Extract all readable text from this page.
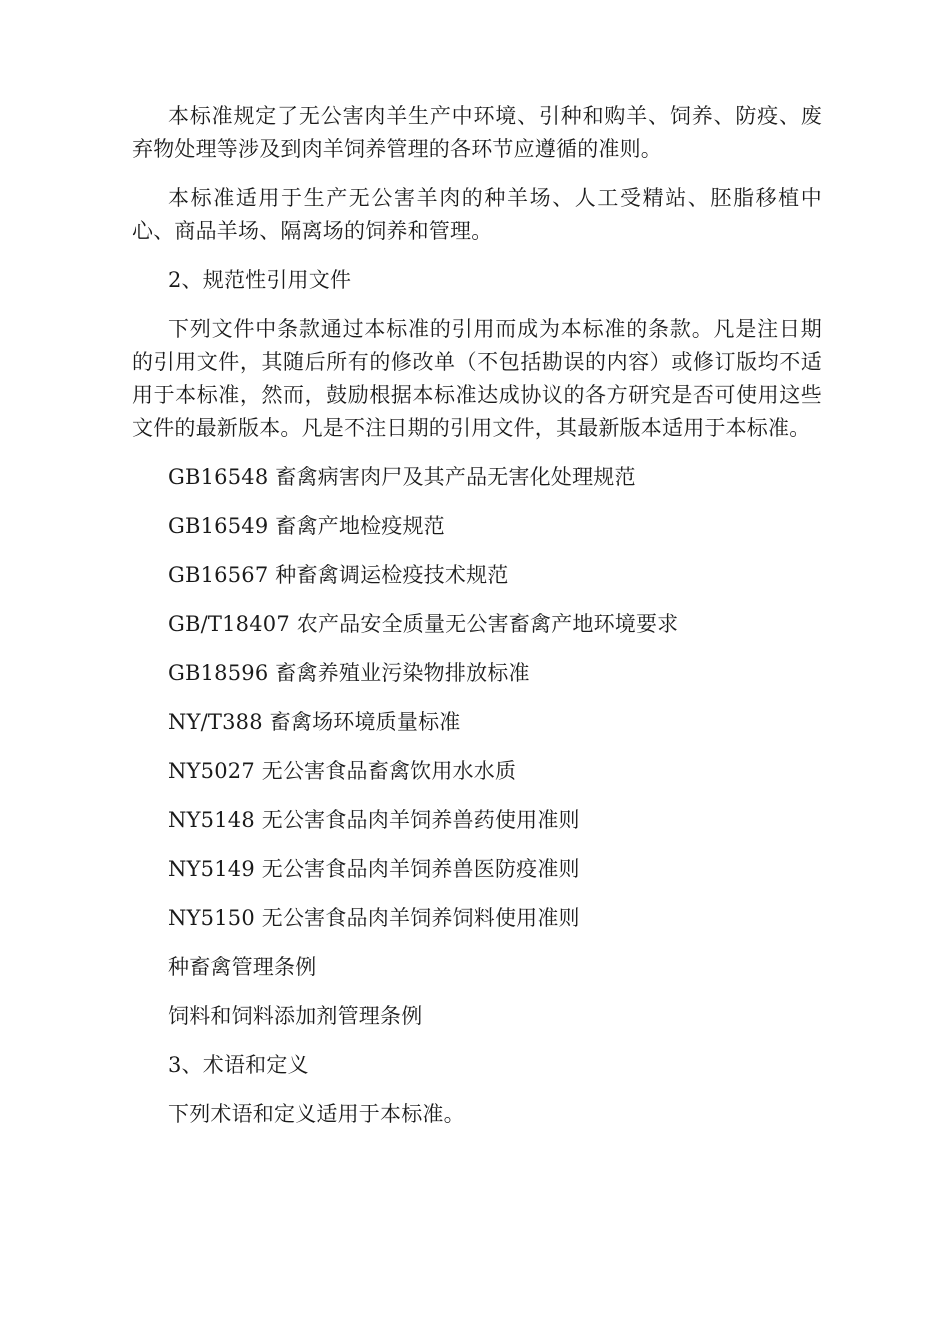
本标准规定了无公害肉羊生产中环境、引种和购羊、饲养、防疫、废弃物处理等涉及到肉羊饲养管理的各环节应遵循的准则。

本标准适用于生产无公害羊肉的种羊场、人工受精站、胚脂移植中心、商品羊场、隔离场的饲养和管理。

2、规范性引用文件

下列文件中条款通过本标准的引用而成为本标准的条款。凡是注日期的引用文件，其随后所有的修改单（不包括勘误的内容）或修订版均不适用于本标准，然而，鼓励根据本标准达成协议的各方研究是否可使用这些文件的最新版本。凡是不注日期的引用文件，其最新版本适用于本标准。

GB16548 畜禽病害肉尸及其产品无害化处理规范

GB16549 畜禽产地检疫规范

GB16567 种畜禽调运检疫技术规范

GB/T18407 农产品安全质量无公害畜禽产地环境要求

GB18596 畜禽养殖业污染物排放标准

NY/T388 畜禽场环境质量标准

NY5027 无公害食品畜禽饮用水水质

NY5148 无公害食品肉羊饲养兽药使用准则

NY5149 无公害食品肉羊饲养兽医防疫准则

NY5150 无公害食品肉羊饲养饲料使用准则

种畜禽管理条例

饲料和饲料添加剂管理条例

3、术语和定义

下列术语和定义适用于本标准。
